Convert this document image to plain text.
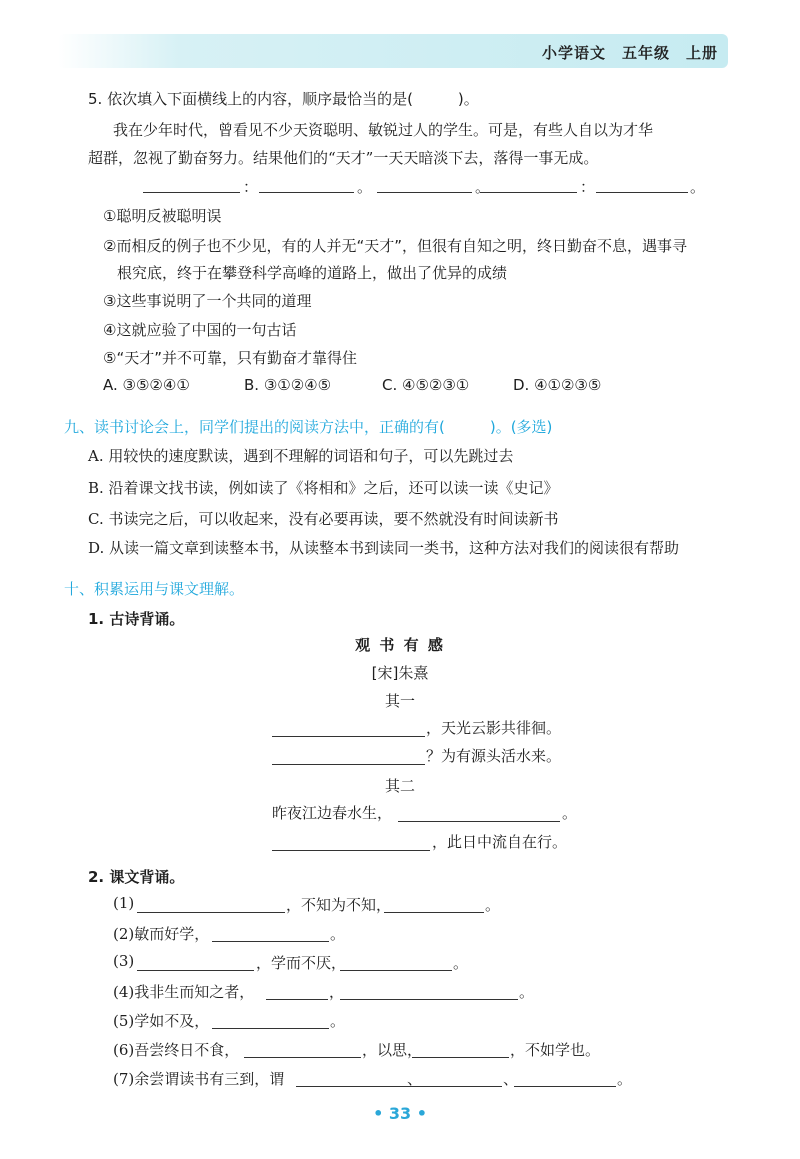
小学语文　五年级　上册
5. 依次填入下面横线上的内容，顺序最恰当的是(　　　)。
我在少年时代，曾看见不少天资聪明、敏锐过人的学生。可是，有些人自以为才华
超群，忽视了勤奋努力。结果他们的“天才”一天天暗淡下去，落得一事无成。
：	。	。	：	。
①聪明反被聪明误
②而相反的例子也不少见，有的人并无“天才”，但很有自知之明，终日勤奋不息，遇事寻
根究底，终于在攀登科学高峰的道路上，做出了优异的成绩
③这些事说明了一个共同的道理
④这就应验了中国的一句古话
⑤“天才”并不可靠，只有勤奋才靠得住
A. ③⑤②④①	B. ③①②④⑤	C. ④⑤②③①	D. ④①②③⑤
九、读书讨论会上，同学们提出的阅读方法中，正确的有(　　　)。(多选)
A. 用较快的速度默读，遇到不理解的词语和句子，可以先跳过去
B. 沿着课文找书读，例如读了《将相和》之后，还可以读一读《史记》
C. 书读完之后，可以收起来，没有必要再读，要不然就没有时间读新书
D. 从读一篇文章到读整本书，从读整本书到读同一类书，这种方法对我们的阅读很有帮助
十、积累运用与课文理解。
1. 古诗背诵。
观 书 有 感
[宋]朱熹
其一
，天光云影共徘徊。
？为有源头活水来。
其二
昨夜江边春水生，	。
，此日中流自在行。
2. 课文背诵。
(1)	，不知为不知，	。
(2)敏而好学，	。
(3)	，学而不厌，	。
(4)我非生而知之者，	，	。
(5)学如不及，	。
(6)吾尝终日不食，	，以思，	，不如学也。
(7)余尝谓读书有三到，谓	、	、	。
• 33 •
